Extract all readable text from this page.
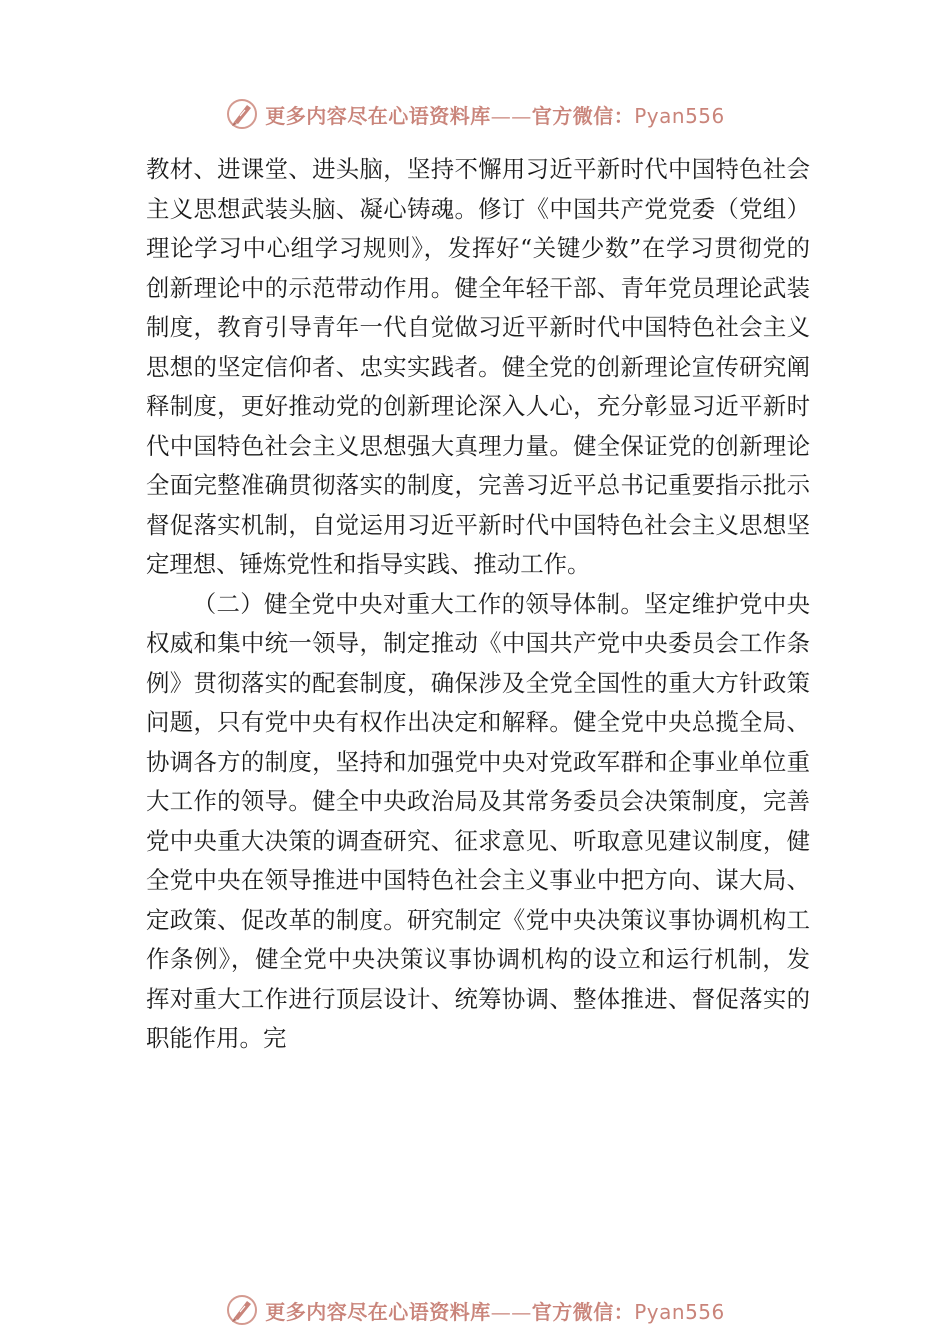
更多内容尽在心语资料库——官方微信：Pyan556

教材、进课堂、进头脑，坚持不懈用习近平新时代中国特色社会主义思想武装头脑、凝心铸魂。修订《中国共产党党委（党组）理论学习中心组学习规则》，发挥好“关键少数”在学习贯彻党的创新理论中的示范带动作用。健全年轻干部、青年党员理论武装制度，教育引导青年一代自觉做习近平新时代中国特色社会主义思想的坚定信仰者、忠实实践者。健全党的创新理论宣传研究阐释制度，更好推动党的创新理论深入人心，充分彰显习近平新时代中国特色社会主义思想强大真理力量。健全保证党的创新理论全面完整准确贯彻落实的制度，完善习近平总书记重要指示批示督促落实机制，自觉运用习近平新时代中国特色社会主义思想坚定理想、锤炼党性和指导实践、推动工作。

（二）健全党中央对重大工作的领导体制。坚定维护党中央权威和集中统一领导，制定推动《中国共产党中央委员会工作条例》贯彻落实的配套制度，确保涉及全党全国性的重大方针政策问题，只有党中央有权作出决定和解释。健全党中央总揽全局、协调各方的制度，坚持和加强党中央对党政军群和企事业单位重大工作的领导。健全中央政治局及其常务委员会决策制度，完善党中央重大决策的调查研究、征求意见、听取意见建议制度，健全党中央在领导推进中国特色社会主义事业中把方向、谋大局、定政策、促改革的制度。研究制定《党中央决策议事协调机构工作条例》，健全党中央决策议事协调机构的设立和运行机制，发挥对重大工作进行顶层设计、统筹协调、整体推进、督促落实的职能作用。完

更多内容尽在心语资料库——官方微信：Pyan556
